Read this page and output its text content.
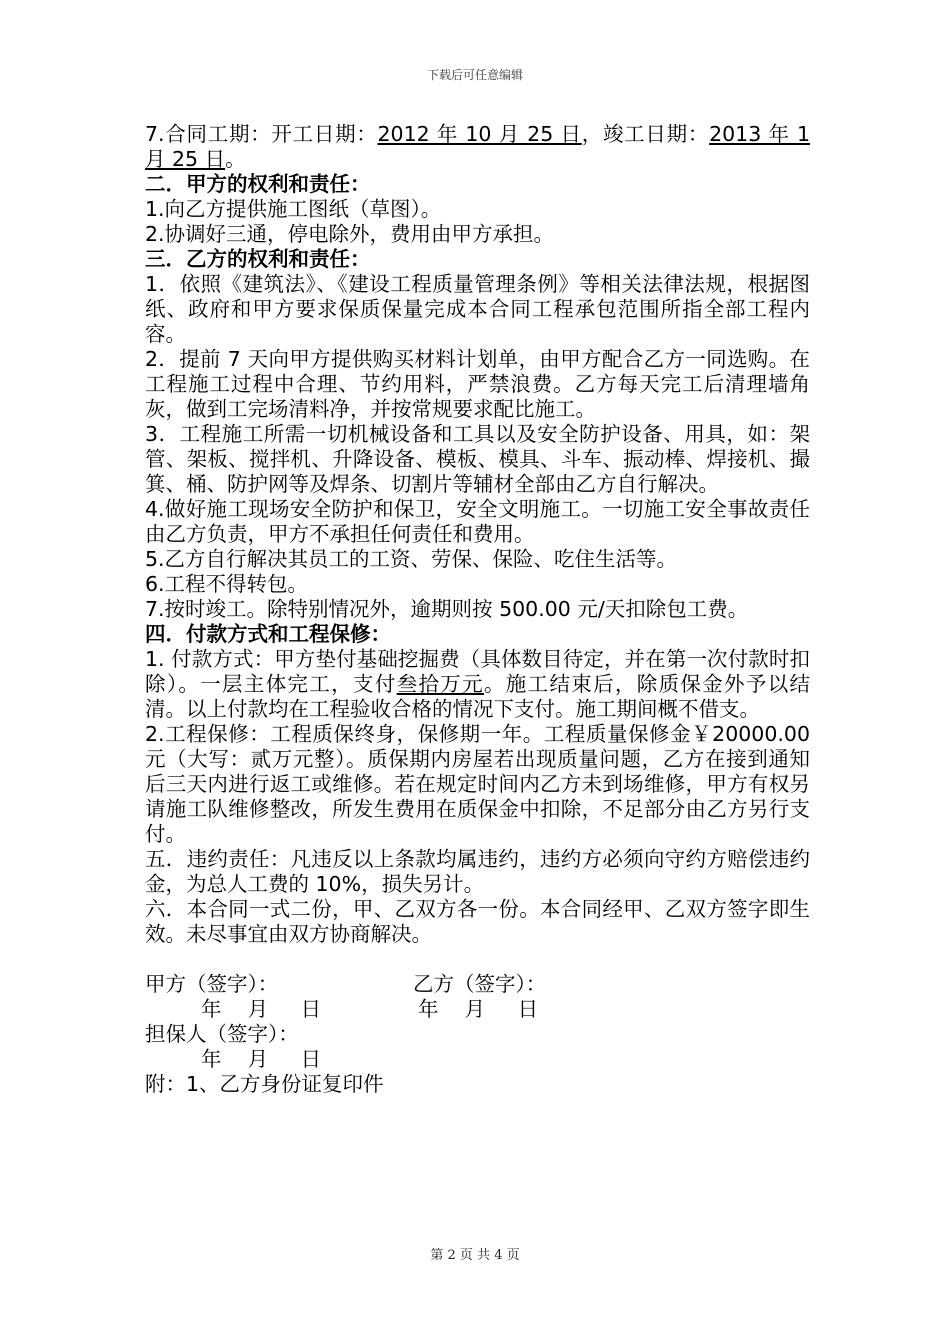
下载后可任意编辑

7.合同工期：开工日期：2012 年 10 月 25 日，竣工日期：2013 年 1 月 25 日。

二．甲方的权利和责任：

1.向乙方提供施工图纸（草图）。

2.协调好三通，停电除外，费用由甲方承担。

三．乙方的权利和责任：

1．依照《建筑法》、《建设工程质量管理条例》等相关法律法规，根据图纸、政府和甲方要求保质保量完成本合同工程承包范围所指全部工程内容。

2．提前 7 天向甲方提供购买材料计划单，由甲方配合乙方一同选购。在工程施工过程中合理、节约用料，严禁浪费。乙方每天完工后清理墙角灰，做到工完场清料净，并按常规要求配比施工。

3．工程施工所需一切机械设备和工具以及安全防护设备、用具，如：架管、架板、搅拌机、升降设备、模板、模具、斗车、振动棒、焊接机、撮箕、桶、防护网等及焊条、切割片等辅材全部由乙方自行解决。

4.做好施工现场安全防护和保卫，安全文明施工。一切施工安全事故责任由乙方负责，甲方不承担任何责任和费用。

5.乙方自行解决其员工的工资、劳保、保险、吃住生活等。

6.工程不得转包。

7.按时竣工。除特别情况外，逾期则按 500.00 元/天扣除包工费。

四．付款方式和工程保修：

1. 付款方式：甲方垫付基础挖掘费（具体数目待定，并在第一次付款时扣除）。一层主体完工，支付叁拾万元。施工结束后，除质保金外予以结清。以上付款均在工程验收合格的情况下支付。施工期间概不借支。

2.工程保修：工程质保终身，保修期一年。工程质量保修金￥20000.00 元（大写：贰万元整）。质保期内房屋若出现质量问题，乙方在接到通知后三天内进行返工或维修。若在规定时间内乙方未到场维修，甲方有权另请施工队维修整改，所发生费用在质保金中扣除，不足部分由乙方另行支付。

五．违约责任：凡违反以上条款均属违约，违约方必须向守约方赔偿违约金，为总人工费的 10%，损失另计。

六．本合同一式二份，甲、乙双方各一份。本合同经甲、乙双方签字即生效。未尽事宜由双方协商解决。

甲方（签字）：	乙方（签字）：
年    月     日	年    月     日
担保人（签字）：
年    月     日
附：1、乙方身份证复印件
第 2 页 共 4 页
